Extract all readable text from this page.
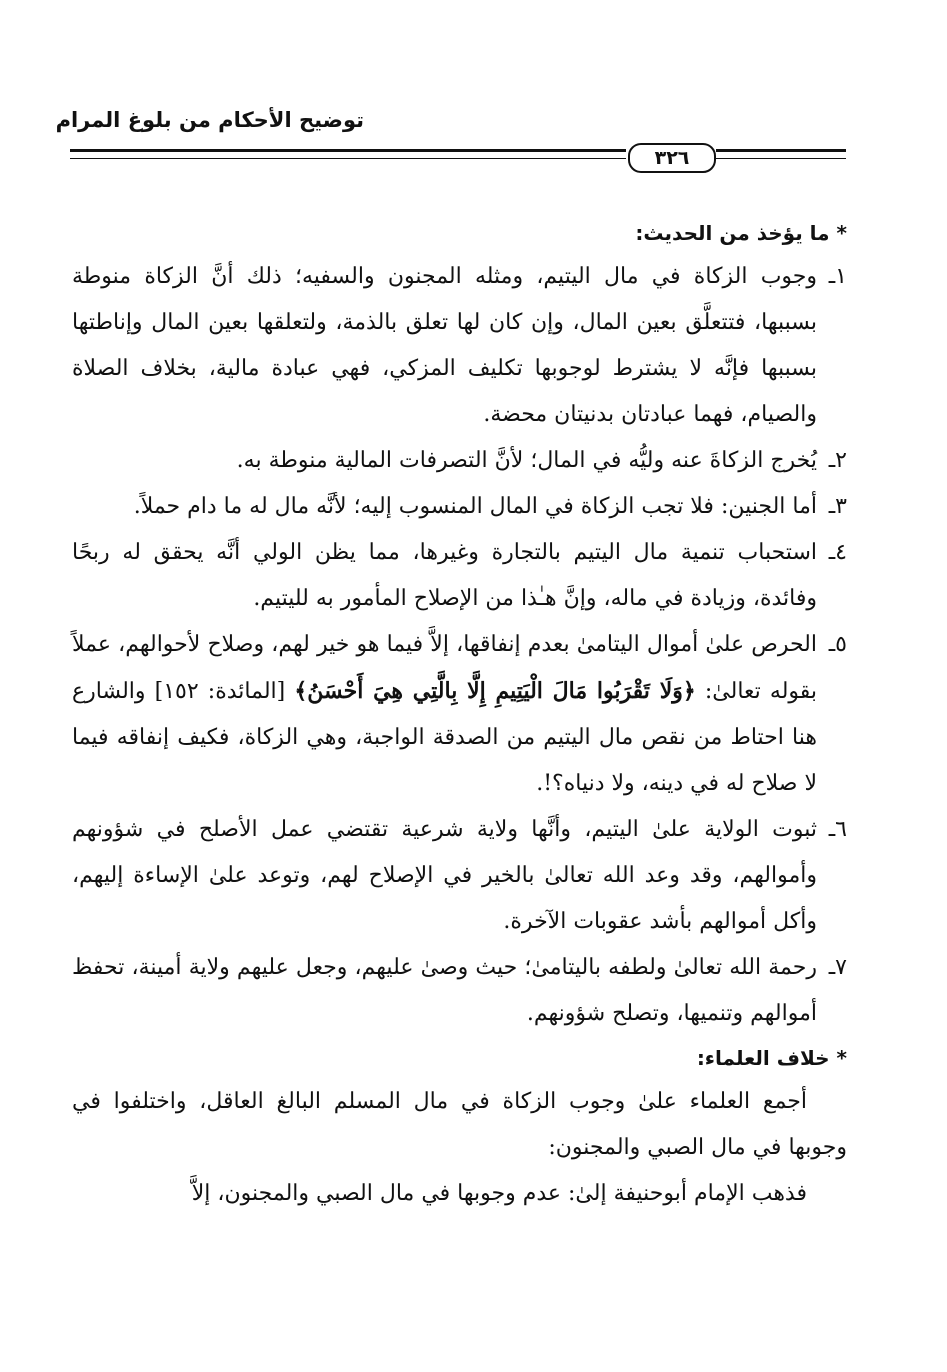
توضيح الأحكام من بلوغ المرام
٣٢٦
* ما يؤخذ من الحديث:
١ـ
وجوب الزكاة في مال اليتيم، ومثله المجنون والسفيه؛ ذلك أنَّ الزكاة منوطة بسببها، فتتعلَّق بعين المال، وإن كان لها تعلق بالذمة، ولتعلقها بعين المال وإناطتها بسببها فإنَّه لا يشترط لوجوبها تكليف المزكي، فهي عبادة مالية، بخلاف الصلاة والصيام، فهما عبادتان بدنيتان محضة.
٢ـ
يُخرج الزكاةَ عنه وليُّه في المال؛ لأنَّ التصرفات المالية منوطة به.
٣ـ
أما الجنين: فلا تجب الزكاة في المال المنسوب إليه؛ لأنَّه مال له ما دام حملاً.
٤ـ
استحباب تنمية مال اليتيم بالتجارة وغيرها، مما يظن الولي أنَّه يحقق له ربحًا وفائدة، وزيادة في ماله، وإنَّ هـٰذا من الإصلاح المأمور به لليتيم.
٥ـ
الحرص علىٰ أموال اليتامىٰ بعدم إنفاقها، إلاَّ فيما هو خير لهم، وصلاح لأحوالهم، عملاً بقوله تعالىٰ: ﴿وَلَا تَقْرَبُوا مَالَ الْيَتِيمِ إِلَّا بِالَّتِي هِيَ أَحْسَنُ﴾ [المائدة: ١٥٢] والشارع هنا احتاط من نقص مال اليتيم من الصدقة الواجبة، وهي الزكاة، فكيف إنفاقه فيما لا صلاح له في دينه، ولا دنياه؟!.
٦ـ
ثبوت الولاية علىٰ اليتيم، وأنَّها ولاية شرعية تقتضي عمل الأصلح في شؤونهم وأموالهم، وقد وعد الله تعالىٰ بالخير في الإصلاح لهم، وتوعد علىٰ الإساءة إليهم، وأكل أموالهم بأشد عقوبات الآخرة.
٧ـ
رحمة الله تعالىٰ ولطفه باليتامىٰ؛ حيث وصىٰ عليهم، وجعل عليهم ولاية أمينة، تحفظ أموالهم وتنميها، وتصلح شؤونهم.
* خلاف العلماء:
أجمع العلماء علىٰ وجوب الزكاة في مال المسلم البالغ العاقل، واختلفوا في وجوبها في مال الصبي والمجنون:
فذهب الإمام أبوحنيفة إلىٰ: عدم وجوبها في مال الصبي والمجنون، إلاَّ
